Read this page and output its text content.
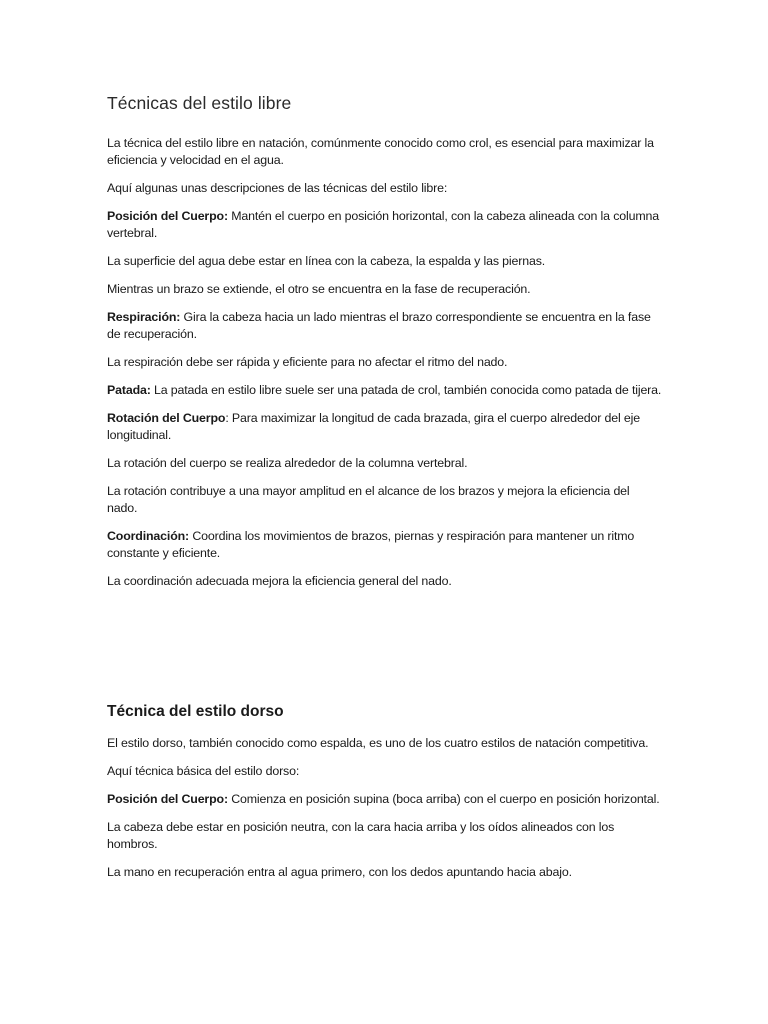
Técnicas del estilo libre

La técnica del estilo libre en natación, comúnmente conocido como crol, es esencial para maximizar la eficiencia y velocidad en el agua.

Aquí algunas unas descripciones de las técnicas del estilo libre:

Posición del Cuerpo: Mantén el cuerpo en posición horizontal, con la cabeza alineada con la columna vertebral.

La superficie del agua debe estar en línea con la cabeza, la espalda y las piernas.

Mientras un brazo se extiende, el otro se encuentra en la fase de recuperación.

Respiración: Gira la cabeza hacia un lado mientras el brazo correspondiente se encuentra en la fase de recuperación.

La respiración debe ser rápida y eficiente para no afectar el ritmo del nado.

Patada: La patada en estilo libre suele ser una patada de crol, también conocida como patada de tijera.

Rotación del Cuerpo: Para maximizar la longitud de cada brazada, gira el cuerpo alrededor del eje longitudinal.

La rotación del cuerpo se realiza alrededor de la columna vertebral.

La rotación contribuye a una mayor amplitud en el alcance de los brazos y mejora la eficiencia del nado.

Coordinación: Coordina los movimientos de brazos, piernas y respiración para mantener un ritmo constante y eficiente.

La coordinación adecuada mejora la eficiencia general del nado.

Técnica del estilo dorso

El estilo dorso, también conocido como espalda, es uno de los cuatro estilos de natación competitiva.

Aquí técnica básica del estilo dorso:

Posición del Cuerpo: Comienza en posición supina (boca arriba) con el cuerpo en posición horizontal.

La cabeza debe estar en posición neutra, con la cara hacia arriba y los oídos alineados con los hombros.

La mano en recuperación entra al agua primero, con los dedos apuntando hacia abajo.
